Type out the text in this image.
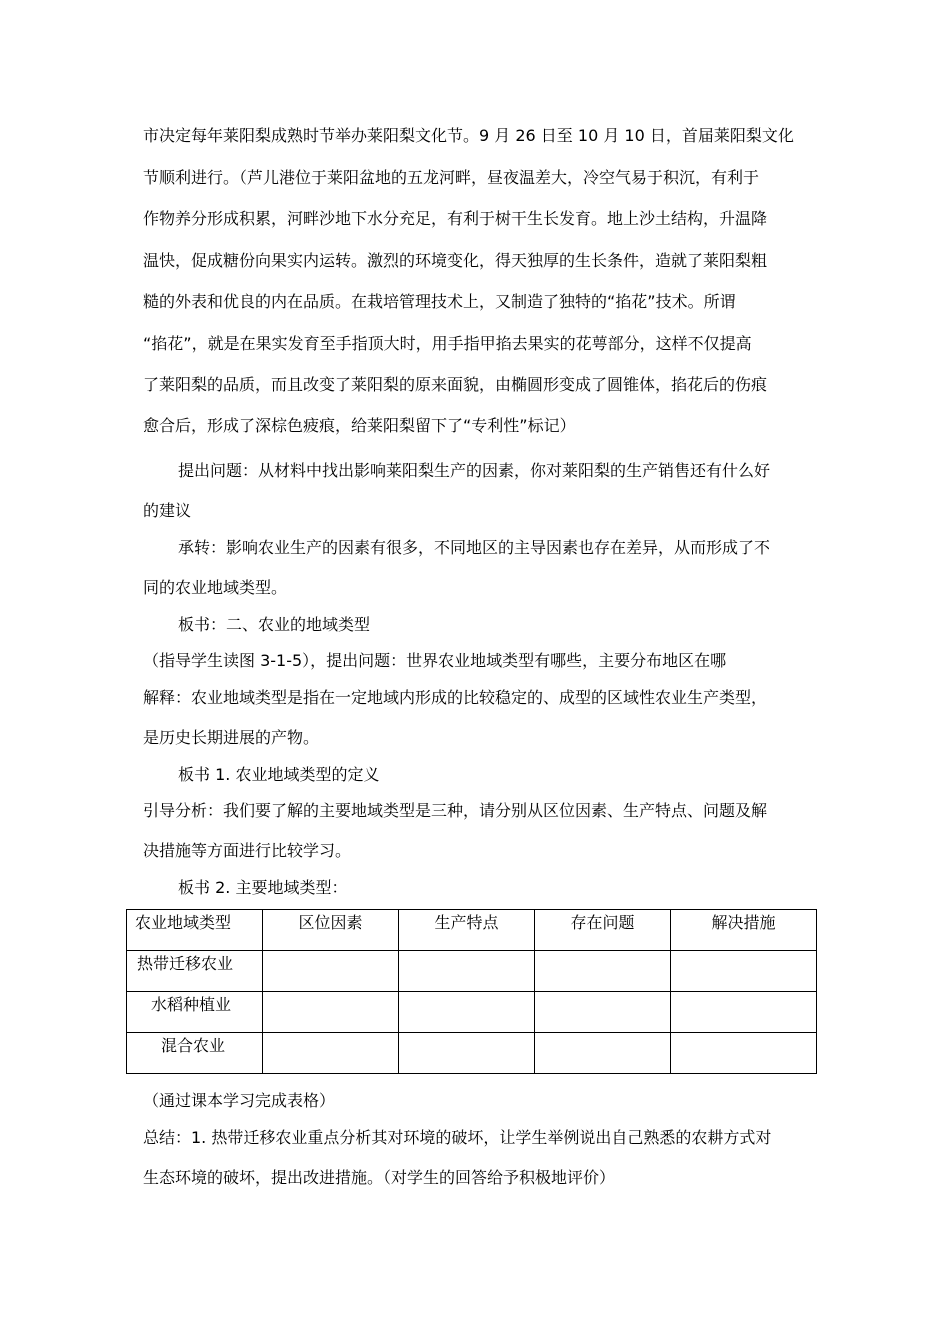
市决定每年莱阳梨成熟时节举办莱阳梨文化节。9 月 26 日至 10 月 10 日，首届莱阳梨文化
节顺利进行。（芦儿港位于莱阳盆地的五龙河畔，昼夜温差大，冷空气易于积沉，有利于
作物养分形成积累，河畔沙地下水分充足，有利于树干生长发育。地上沙土结构，升温降
温快，促成糖份向果实内运转。激烈的环境变化，得天独厚的生长条件，造就了莱阳梨粗
糙的外表和优良的内在品质。在栽培管理技术上，又制造了独特的“掐花”技术。所谓
“掐花”，就是在果实发育至手指顶大时，用手指甲掐去果实的花萼部分，这样不仅提高
了莱阳梨的品质，而且改变了莱阳梨的原来面貌，由椭圆形变成了圆锥体，掐花后的伤痕
愈合后，形成了深棕色疲痕，给莱阳梨留下了“专利性”标记）
提出问题：从材料中找出影响莱阳梨生产的因素，你对莱阳梨的生产销售还有什么好
的建议
承转：影响农业生产的因素有很多，不同地区的主导因素也存在差异，从而形成了不
同的农业地域类型。
板书：二、农业的地域类型
（指导学生读图 3-1-5），提出问题：世界农业地域类型有哪些，主要分布地区在哪
解释：农业地域类型是指在一定地域内形成的比较稳定的、成型的区域性农业生产类型，
是历史长期进展的产物。
板书 1. 农业地域类型的定义
引导分析：我们要了解的主要地域类型是三种，请分别从区位因素、生产特点、问题及解
决措施等方面进行比较学习。
板书 2. 主要地域类型：
农业地域类型	区位因素	生产特点	存在问题	解决措施
热带迁移农业				
水稻种植业				
混合农业				
（通过课本学习完成表格）
总结：1. 热带迁移农业重点分析其对环境的破坏，让学生举例说出自己熟悉的农耕方式对
生态环境的破坏，提出改进措施。（对学生的回答给予积极地评价）
